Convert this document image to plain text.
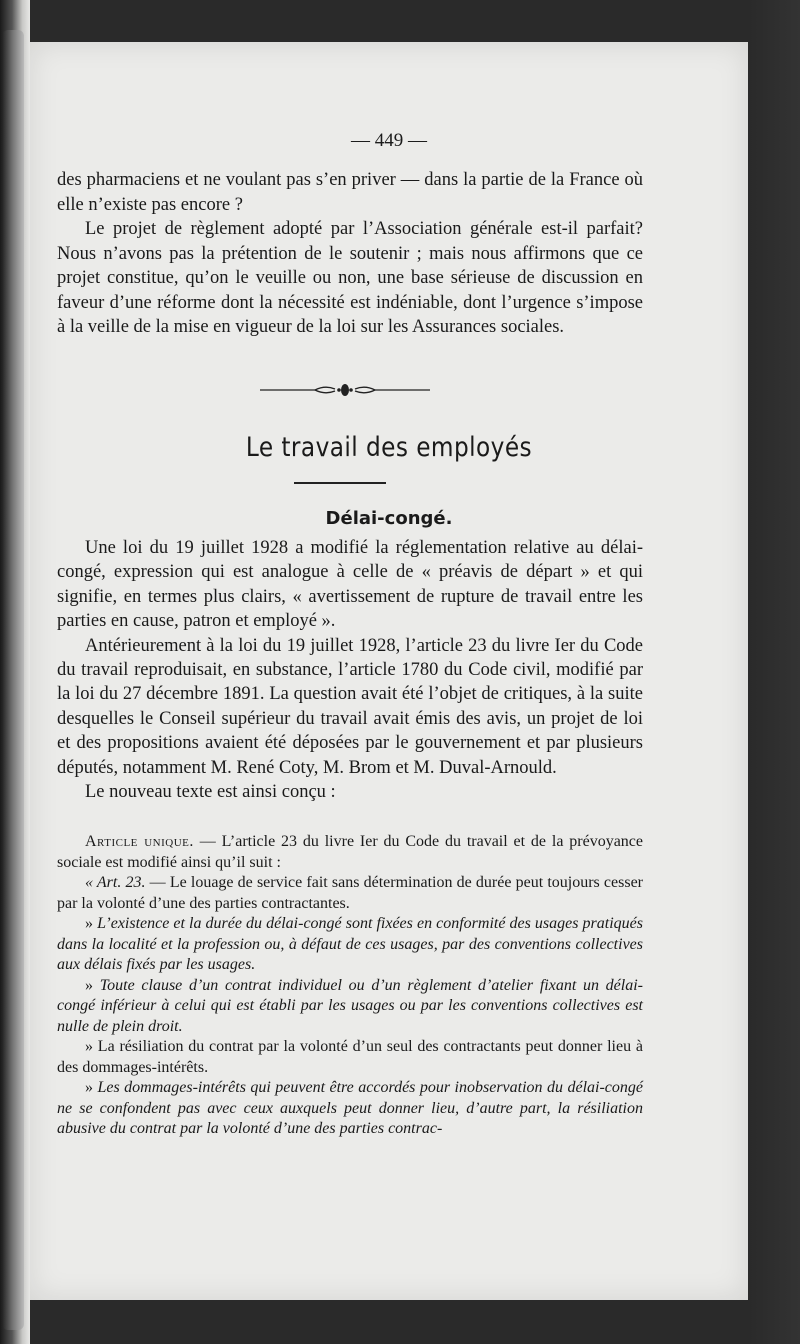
— 449 —

des pharmaciens et ne voulant pas s’en priver — dans la partie de la France où elle n’existe pas encore ?

Le projet de règlement adopté par l’Association générale est-il parfait? Nous n’avons pas la prétention de le soutenir ; mais nous affirmons que ce projet constitue, qu’on le veuille ou non, une base sérieuse de discussion en faveur d’une réforme dont la nécessité est indéniable, dont l’urgence s’impose à la veille de la mise en vigueur de la loi sur les Assurances sociales.

Le travail des employés
Délai-congé.

Une loi du 19 juillet 1928 a modifié la réglementation relative au délai-congé, expression qui est analogue à celle de « préavis de départ » et qui signifie, en termes plus clairs, « avertissement de rupture de travail entre les parties en cause, patron et employé ».

Antérieurement à la loi du 19 juillet 1928, l’article 23 du livre Ier du Code du travail reproduisait, en substance, l’article 1780 du Code civil, modifié par la loi du 27 décembre 1891. La question avait été l’objet de critiques, à la suite desquelles le Conseil supérieur du travail avait émis des avis, un projet de loi et des propositions avaient été déposées par le gouvernement et par plusieurs députés, notamment M. René Coty, M. Brom et M. Duval-Arnould.

Le nouveau texte est ainsi conçu :

Article unique. — L’article 23 du livre Ier du Code du travail et de la prévoyance sociale est modifié ainsi qu’il suit :

« Art. 23. — Le louage de service fait sans détermination de durée peut toujours cesser par la volonté d’une des parties contractantes.

» L’existence et la durée du délai-congé sont fixées en conformité des usages pratiqués dans la localité et la profession ou, à défaut de ces usages, par des conventions collectives aux délais fixés par les usages.

» Toute clause d’un contrat individuel ou d’un règlement d’atelier fixant un délai-congé inférieur à celui qui est établi par les usages ou par les conventions collectives est nulle de plein droit.

» La résiliation du contrat par la volonté d’un seul des contractants peut donner lieu à des dommages-intérêts.

» Les dommages-intérêts qui peuvent être accordés pour inobservation du délai-congé ne se confondent pas avec ceux auxquels peut donner lieu, d’autre part, la résiliation abusive du contrat par la volonté d’une des parties contrac-
